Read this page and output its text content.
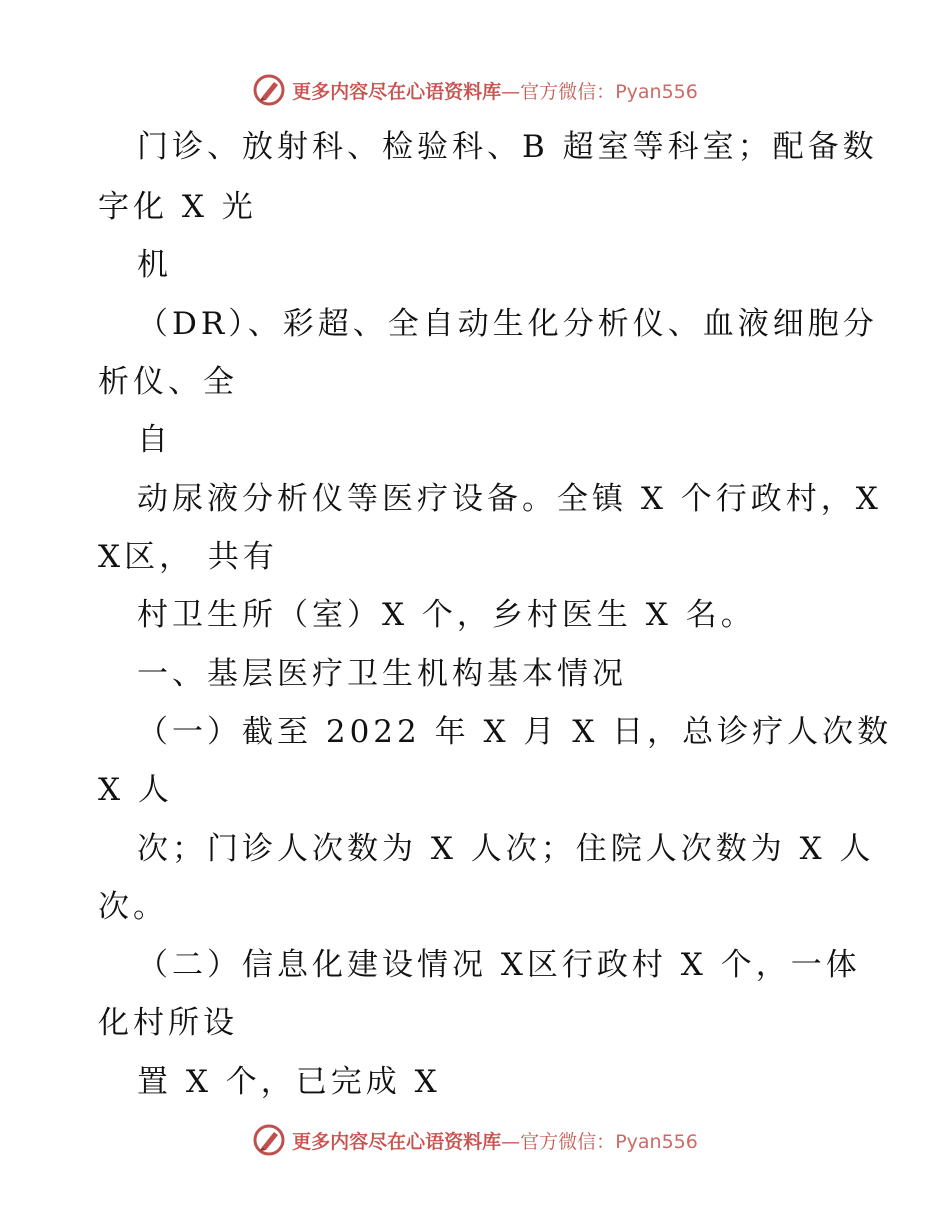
更多内容尽在心语资料库—官方微信：Pyan556
门诊、放射科、检验科、B 超室等科室；配备数
字化 X 光
机
（DR）、彩超、全自动生化分析仪、血液细胞分
析仪、全
自
动尿液分析仪等医疗设备。全镇 X 个行政村，X
X区， 共有
村卫生所（室）X 个，乡村医生 X 名。
一、基层医疗卫生机构基本情况
（一）截至 2022 年 X 月 X 日，总诊疗人次数
X 人
次；门诊人次数为 X 人次；住院人次数为 X 人
次。
（二）信息化建设情况 X区行政村 X 个，一体
化村所设
置 X 个，已完成 X
更多内容尽在心语资料库—官方微信：Pyan556
